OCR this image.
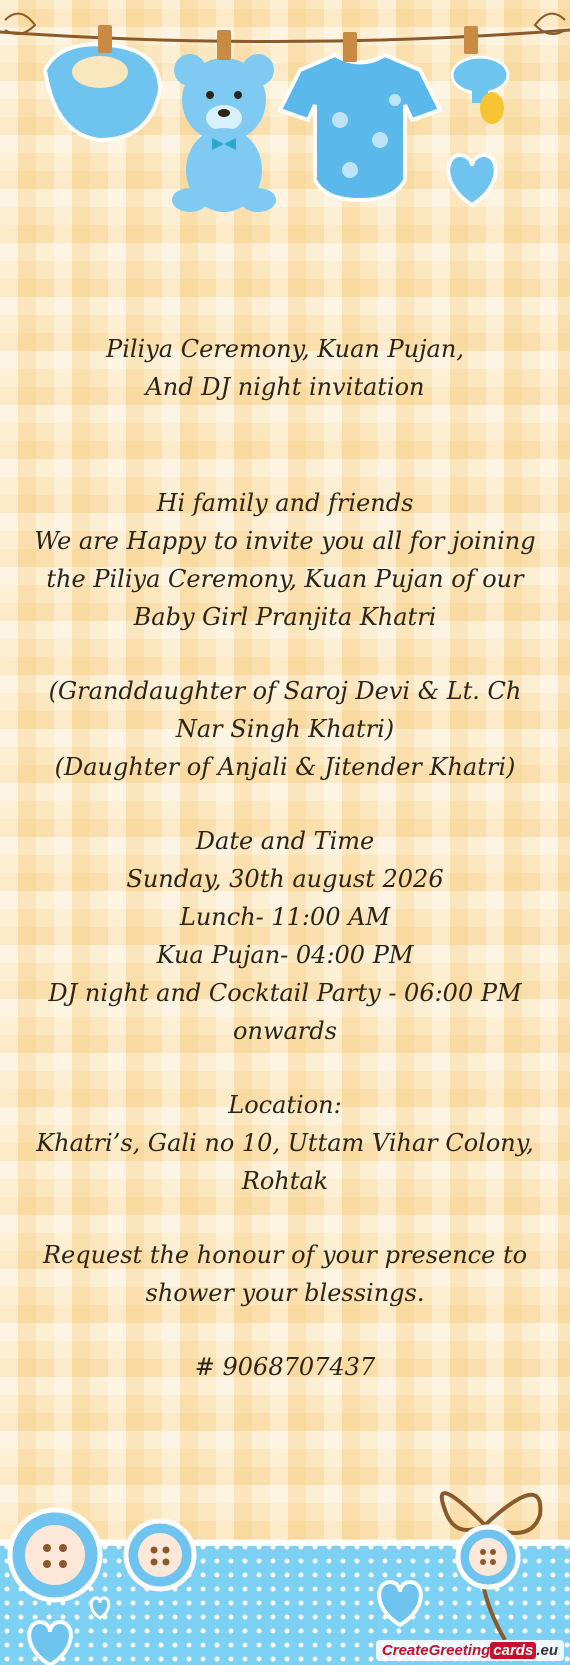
Piliya Ceremony, Kuan Pujan,

And DJ night invitation

Hi family and friends

We are Happy to invite you all for joining the Piliya Ceremony, Kuan Pujan of our Baby Girl Pranjita Khatri

(Granddaughter of Saroj Devi & Lt. Ch Nar Singh Khatri)

(Daughter of Anjali & Jitender Khatri)

Date and Time

Sunday, 30th august 2026

Lunch- 11:00 AM

Kua Pujan- 04:00 PM

DJ night and Cocktail Party - 06:00 PM onwards

Location:

Khatri’s, Gali no 10, Uttam Vihar Colony, Rohtak

Request the honour of your presence to shower your blessings.

# 9068707437

CreateGreeting cards .eu
